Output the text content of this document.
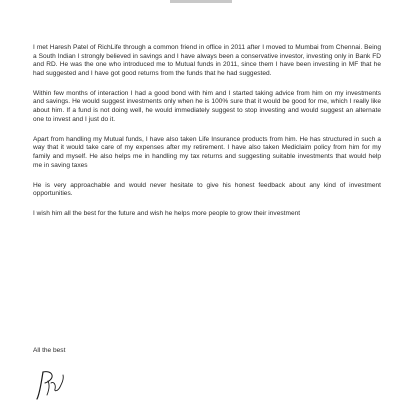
I met Haresh Patel of RichLife through a common friend in office in 2011 after I moved to Mumbai from Chennai. Being a South Indian I strongly believed in savings and I have always been a conservative investor, investing only in Bank FD and RD. He was the one who introduced me to Mutual funds in 2011, since them I have been investing in MF that he had suggested and I have got good returns from the funds that he had suggested.

Within few months of interaction I had a good bond with him and I started taking advice from him on my investments and savings. He would suggest investments only when he is 100% sure that it would be good for me, which I really like about him. If a fund is not doing well, he would immediately suggest to stop investing and would suggest an alternate one to invest and I just do it.

Apart from handling my Mutual funds, I have also taken Life Insurance products from him. He has structured in such a way that it would take care of my expenses after my retirement. I have also taken Mediclaim policy from him for my family and myself. He also helps me in handling my tax returns and suggesting suitable investments that would help me in saving taxes

He is very approachable and would never hesitate to give his honest feedback about any kind of investment opportunities.

I wish him all the best for the future and wish he helps more people to grow their investment

All the best
